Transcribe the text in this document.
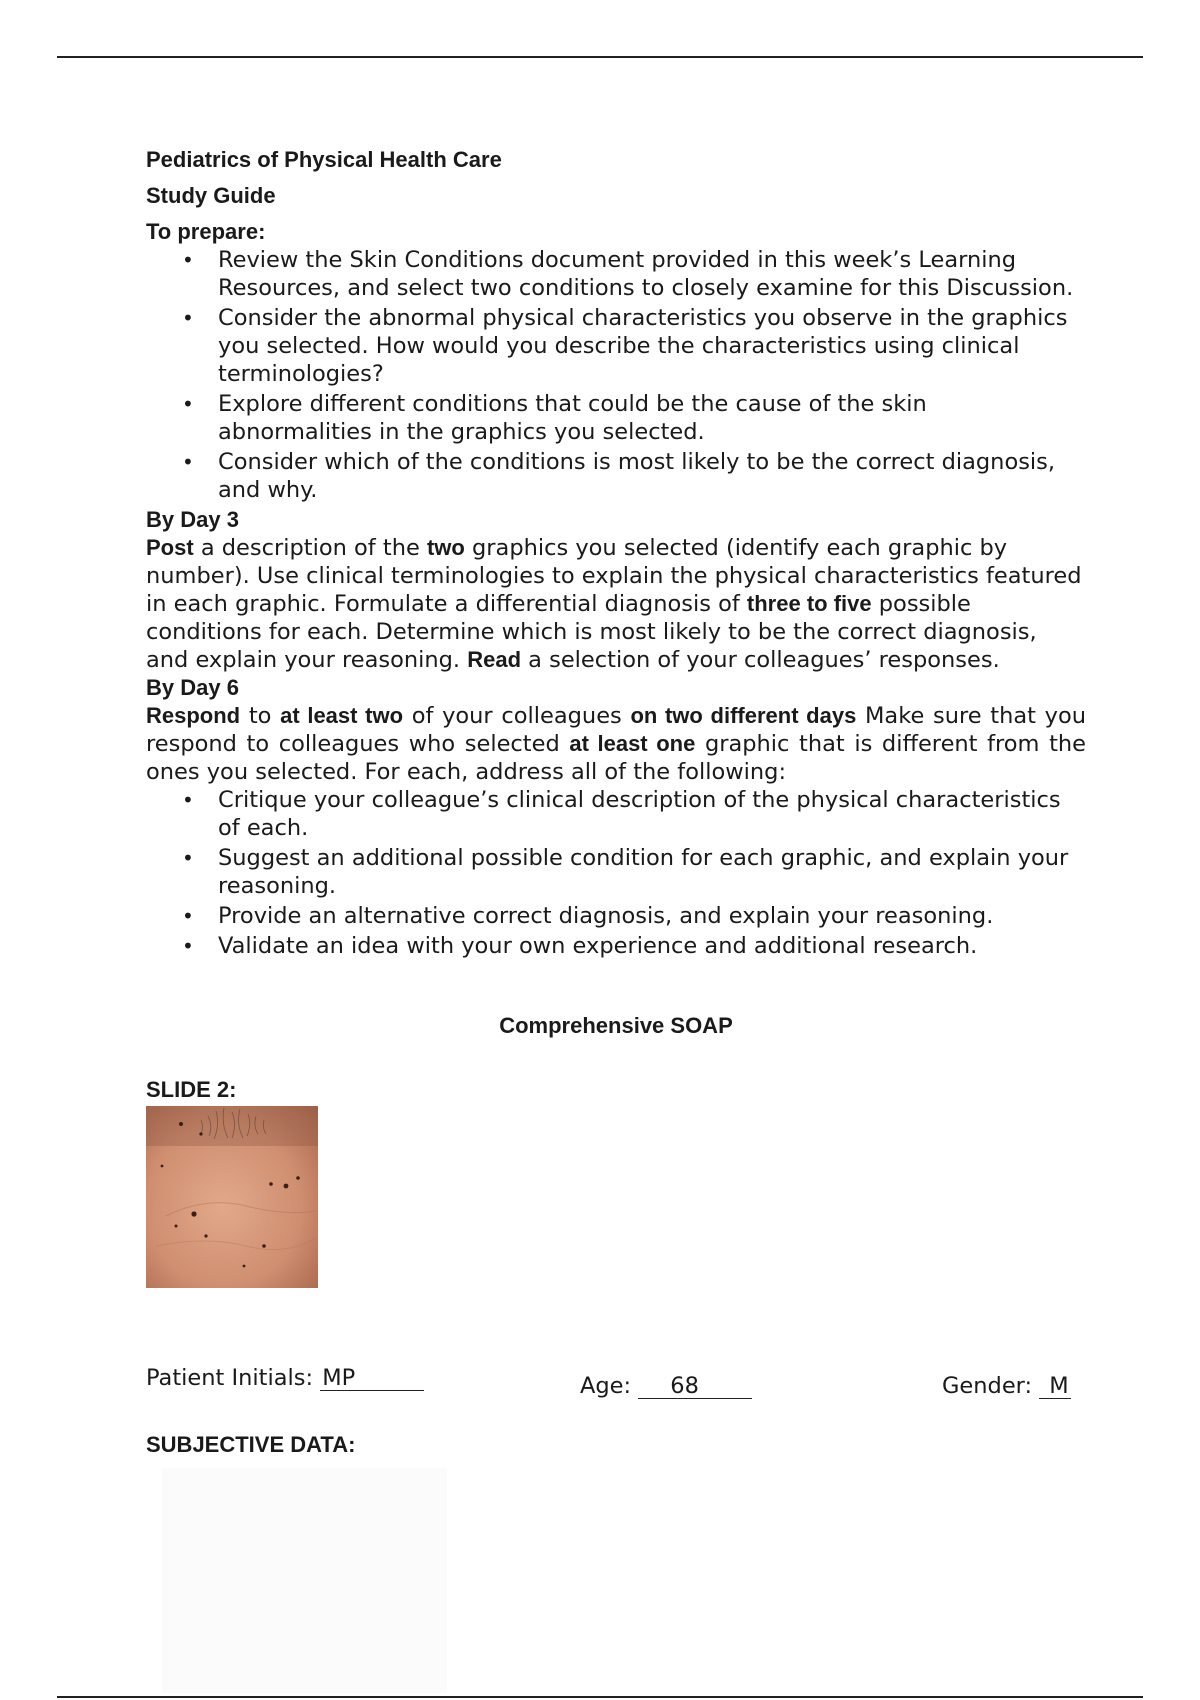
Pediatrics of Physical Health Care
Study Guide
To prepare:
• Review the Skin Conditions document provided in this week’s Learning Resources, and select two conditions to closely examine for this Discussion.
• Consider the abnormal physical characteristics you observe in the graphics you selected. How would you describe the characteristics using clinical terminologies?
• Explore different conditions that could be the cause of the skin abnormalities in the graphics you selected.
• Consider which of the conditions is most likely to be the correct diagnosis, and why.
By Day 3

Post a description of the two graphics you selected (identify each graphic by number). Use clinical terminologies to explain the physical characteristics featured in each graphic. Formulate a differential diagnosis of three to five possible conditions for each. Determine which is most likely to be the correct diagnosis, and explain your reasoning. Read a selection of your colleagues’ responses.

By Day 6

Respond to at least two of your colleagues on two different days Make sure that you respond to colleagues who selected at least one graphic that is different from the ones you selected. For each, address all of the following:

• Critique your colleague’s clinical description of the physical characteristics of each.
• Suggest an additional possible condition for each graphic, and explain your reasoning.
• Provide an alternative correct diagnosis, and explain your reasoning.
• Validate an idea with your own experience and additional research.
Comprehensive SOAP
SLIDE 2:
Patient Initials: MP	Age: 68	Gender: M
SUBJECTIVE DATA:
